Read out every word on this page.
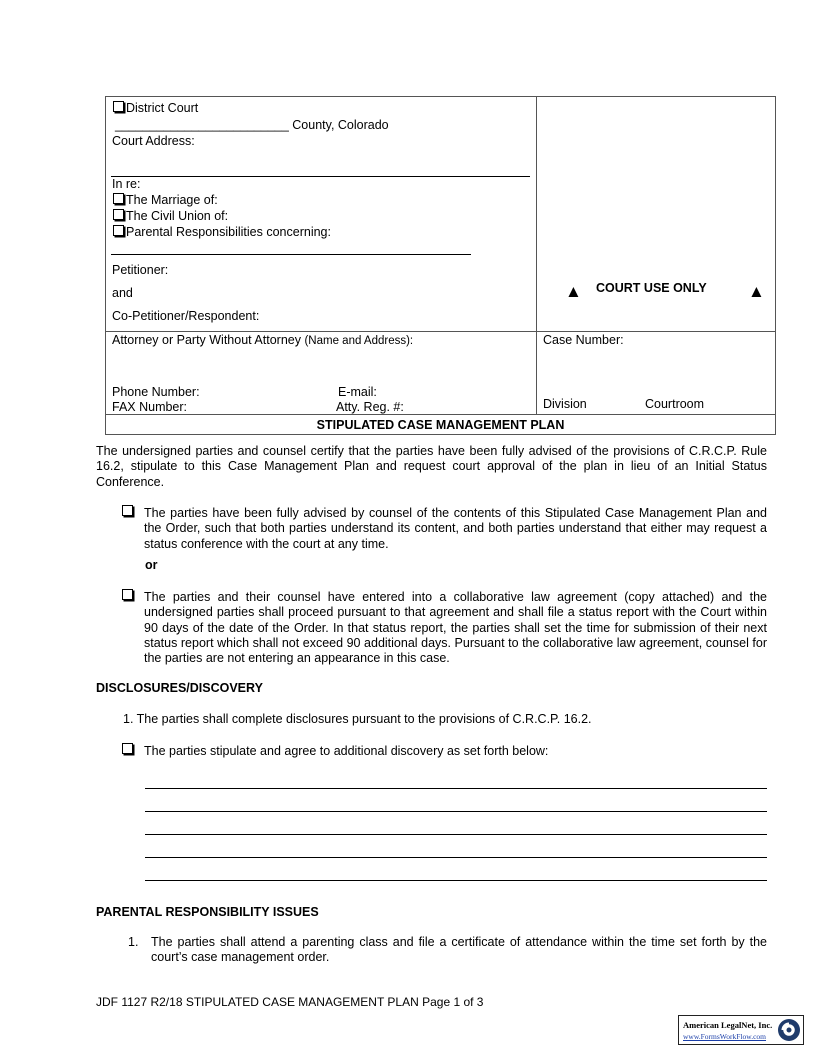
District Court
_________________________ County, Colorado
Court Address:
In re:
The Marriage of:
The Civil Union of:
Parental Responsibilities concerning:
Petitioner:
and
Co-Petitioner/Respondent:
▲ COURT USE ONLY ▲
Attorney or Party Without Attorney (Name and Address):
Phone Number:	E-mail:
FAX Number:	Atty. Reg. #:
Case Number:
Division	Courtroom
STIPULATED CASE MANAGEMENT PLAN
The undersigned parties and counsel certify that the parties have been fully advised of the provisions of C.R.C.P. Rule 16.2, stipulate to this Case Management Plan and request court approval of the plan in lieu of an Initial Status Conference.
The parties have been fully advised by counsel of the contents of this Stipulated Case Management Plan and the Order, such that both parties understand its content, and both parties understand that either may request a status conference with the court at any time.
or
The parties and their counsel have entered into a collaborative law agreement (copy attached) and the undersigned parties shall proceed pursuant to that agreement and shall file a status report with the Court within 90 days of the date of the Order. In that status report, the parties shall set the time for submission of their next status report which shall not exceed 90 additional days. Pursuant to the collaborative law agreement, counsel for the parties are not entering an appearance in this case.
DISCLOSURES/DISCOVERY
1. The parties shall complete disclosures pursuant to the provisions of C.R.C.P. 16.2.
The parties stipulate and agree to additional discovery as set forth below:
PARENTAL RESPONSIBILITY ISSUES
1. The parties shall attend a parenting class and file a certificate of attendance within the time set forth by the court’s case management order.
JDF 1127 R2/18 STIPULATED CASE MANAGEMENT PLAN Page 1 of 3
American LegalNet, Inc.
www.FormsWorkFlow.com
